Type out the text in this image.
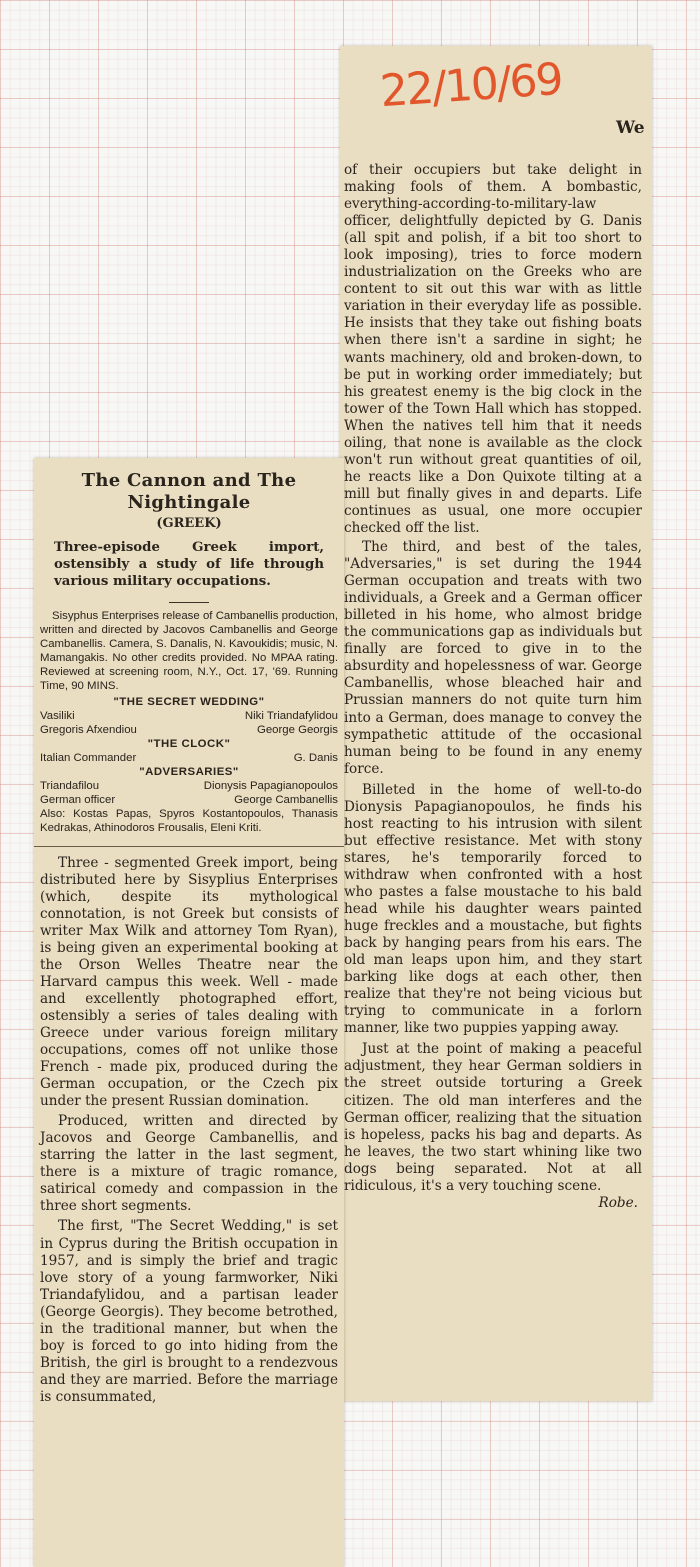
22/10/69
We

of their occupiers but take delight in making fools of them. A bombastic, everything-according-to-military-law officer, delightfully depicted by G. Danis (all spit and polish, if a bit too short to look imposing), tries to force modern industrialization on the Greeks who are content to sit out this war with as little variation in their everyday life as possible. He insists that they take out fishing boats when there isn't a sardine in sight; he wants machinery, old and broken-down, to be put in working order immediately; but his greatest enemy is the big clock in the tower of the Town Hall which has stopped. When the natives tell him that it needs oiling, that none is available as the clock won't run without great quantities of oil, he reacts like a Don Quixote tilting at a mill but finally gives in and departs. Life continues as usual, one more occupier checked off the list.

The third, and best of the tales, "Adversaries," is set during the 1944 German occupation and treats with two individuals, a Greek and a German officer billeted in his home, who almost bridge the communications gap as individuals but finally are forced to give in to the absurdity and hopelessness of war. George Cambanellis, whose bleached hair and Prussian manners do not quite turn him into a German, does manage to convey the sympathetic attitude of the occasional human being to be found in any enemy force.

Billeted in the home of well-to-do Dionysis Papagianopoulos, he finds his host reacting to his intrusion with silent but effective resistance. Met with stony stares, he's temporarily forced to withdraw when confronted with a host who pastes a false moustache to his bald head while his daughter wears painted huge freckles and a moustache, but fights back by hanging pears from his ears. The old man leaps upon him, and they start barking like dogs at each other, then realize that they're not being vicious but trying to communicate in a forlorn manner, like two puppies yapping away.

Just at the point of making a peaceful adjustment, they hear German soldiers in the street outside torturing a Greek citizen. The old man interferes and the German officer, realizing that the situation is hopeless, packs his bag and departs. As he leaves, the two start whining like two dogs being separated. Not at all ridiculous, it's a very touching scene.
Robe.

The Cannon and The
Nightingale
(GREEK)

Three-episode Greek import, ostensibly a study of life through various military occupations.

Sisyphus Enterprises release of Cambanellis production, written and directed by Jacovos Cambanellis and George Cambanellis. Camera, S. Danalis, N. Kavoukidis; music, N. Mamangakis. No other credits provided. No MPAA rating. Reviewed at screening room, N.Y., Oct. 17, '69. Running Time, 90 MINS.

"THE SECRET WEDDING"

Vasiliki	Niki Triandafylidou

Gregoris Afxendiou	George Georgis

"THE CLOCK"

Italian Commander	G. Danis

"ADVERSARIES"

Triandafilou	Dionysis Papagianopoulos

German officer	George Cambanellis

Also: Kostas Papas, Spyros Kostantopoulos, Thanasis Kedrakas, Athinodoros Frousalis, Eleni Kriti.

Three - segmented Greek import, being distributed here by Sisyplius Enterprises (which, despite its mythological connotation, is not Greek but consists of writer Max Wilk and attorney Tom Ryan), is being given an experimental booking at the Orson Welles Theatre near the Harvard campus this week. Well - made and excellently photographed effort, ostensibly a series of tales dealing with Greece under various foreign military occupations, comes off not unlike those French - made pix, produced during the German occupation, or the Czech pix under the present Russian domination.

Produced, written and directed by Jacovos and George Cambanellis, and starring the latter in the last segment, there is a mixture of tragic romance, satirical comedy and compassion in the three short segments.

The first, "The Secret Wedding," is set in Cyprus during the British occupation in 1957, and is simply the brief and tragic love story of a young farmworker, Niki Triandafylidou, and a partisan leader (George Georgis). They become betrothed, in the traditional manner, but when the boy is forced to go into hiding from the British, the girl is brought to a rendezvous and they are married. Before the marriage is consummated,
